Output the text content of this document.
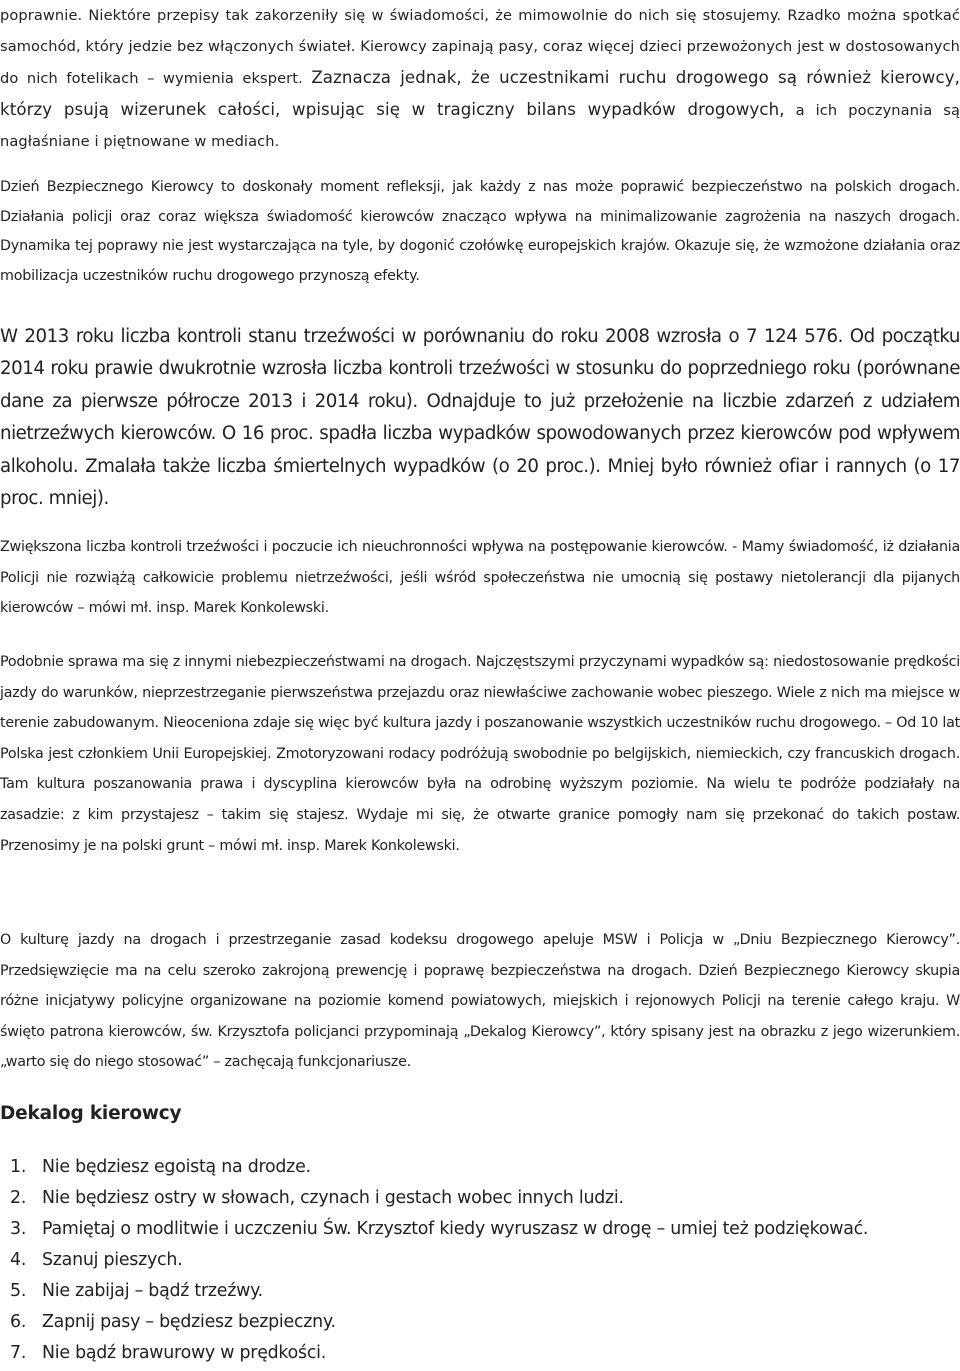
poprawnie. Niektóre przepisy tak zakorzeniły się w świadomości, że mimowolnie do nich się stosujemy. Rzadko można spotkać samochód, który jedzie bez włączonych świateł. Kierowcy zapinają pasy, coraz więcej dzieci przewożonych jest w dostosowanych do nich fotelikach – wymienia ekspert. Zaznacza jednak, że uczestnikami ruchu drogowego są również kierowcy, którzy psują wizerunek całości, wpisując się w tragiczny bilans wypadków drogowych, a ich poczynania są nagłaśniane i piętnowane w mediach.

Dzień Bezpiecznego Kierowcy to doskonały moment refleksji, jak każdy z nas może poprawić bezpieczeństwo na polskich drogach. Działania policji oraz coraz większa świadomość kierowców znacząco wpływa na minimalizowanie zagrożenia na naszych drogach. Dynamika tej poprawy nie jest wystarczająca na tyle, by dogonić czołówkę europejskich krajów. Okazuje się, że wzmożone działania oraz mobilizacja uczestników ruchu drogowego przynoszą efekty.

W 2013 roku liczba kontroli stanu trzeźwości w porównaniu do roku 2008 wzrosła o 7 124 576. Od początku 2014 roku prawie dwukrotnie wzrosła liczba kontroli trzeźwości w stosunku do poprzedniego roku (porównane dane za pierwsze półrocze 2013 i 2014 roku). Odnajduje to już przełożenie na liczbie zdarzeń z udziałem nietrzeźwych kierowców. O 16 proc. spadła liczba wypadków spowodowanych przez kierowców pod wpływem alkoholu. Zmalała także liczba śmiertelnych wypadków (o 20 proc.). Mniej było również ofiar i rannych (o 17 proc. mniej).

Zwiększona liczba kontroli trzeźwości i poczucie ich nieuchronności wpływa na postępowanie kierowców. - Mamy świadomość, iż działania Policji nie rozwiążą całkowicie problemu nietrzeźwości, jeśli wśród społeczeństwa nie umocnią się postawy nietolerancji dla pijanych kierowców – mówi mł. insp. Marek Konkolewski.

Podobnie sprawa ma się z innymi niebezpieczeństwami na drogach. Najczęstszymi przyczynami wypadków są: niedostosowanie prędkości jazdy do warunków, nieprzestrzeganie pierwszeństwa przejazdu oraz niewłaściwe zachowanie wobec pieszego. Wiele z nich ma miejsce w terenie zabudowanym. Nieoceniona zdaje się więc być kultura jazdy i poszanowanie wszystkich uczestników ruchu drogowego. – Od 10 lat Polska jest członkiem Unii Europejskiej. Zmotoryzowani rodacy podróżują swobodnie po belgijskich, niemieckich, czy francuskich drogach. Tam kultura poszanowania prawa i dyscyplina kierowców była na odrobinę wyższym poziomie. Na wielu te podróże podziałały na zasadzie: z kim przystajesz – takim się stajesz. Wydaje mi się, że otwarte granice pomogły nam się przekonać do takich postaw. Przenosimy je na polski grunt – mówi mł. insp. Marek Konkolewski.

O kulturę jazdy na drogach i przestrzeganie zasad kodeksu drogowego apeluje MSW i Policja w „Dniu Bezpiecznego Kierowcy”. Przedsięwzięcie ma na celu szeroko zakrojoną prewencję i poprawę bezpieczeństwa na drogach. Dzień Bezpiecznego Kierowcy skupia różne inicjatywy policyjne organizowane na poziomie komend powiatowych, miejskich i rejonowych Policji na terenie całego kraju. W święto patrona kierowców, św. Krzysztofa policjanci przypominają „Dekalog Kierowcy”, który spisany jest na obrazku z jego wizerunkiem. „warto się do niego stosować” – zachęcają funkcjonariusze.

Dekalog kierowcy
1. Nie będziesz egoistą na drodze.
2. Nie będziesz ostry w słowach, czynach i gestach wobec innych ludzi.
3. Pamiętaj o modlitwie i uczczeniu Św. Krzysztof kiedy wyruszasz w drogę – umiej też podziękować.
4. Szanuj pieszych.
5. Nie zabijaj – bądź trzeźwy.
6. Zapnij pasy – będziesz bezpieczny.
7. Nie bądź brawurowy w prędkości.
